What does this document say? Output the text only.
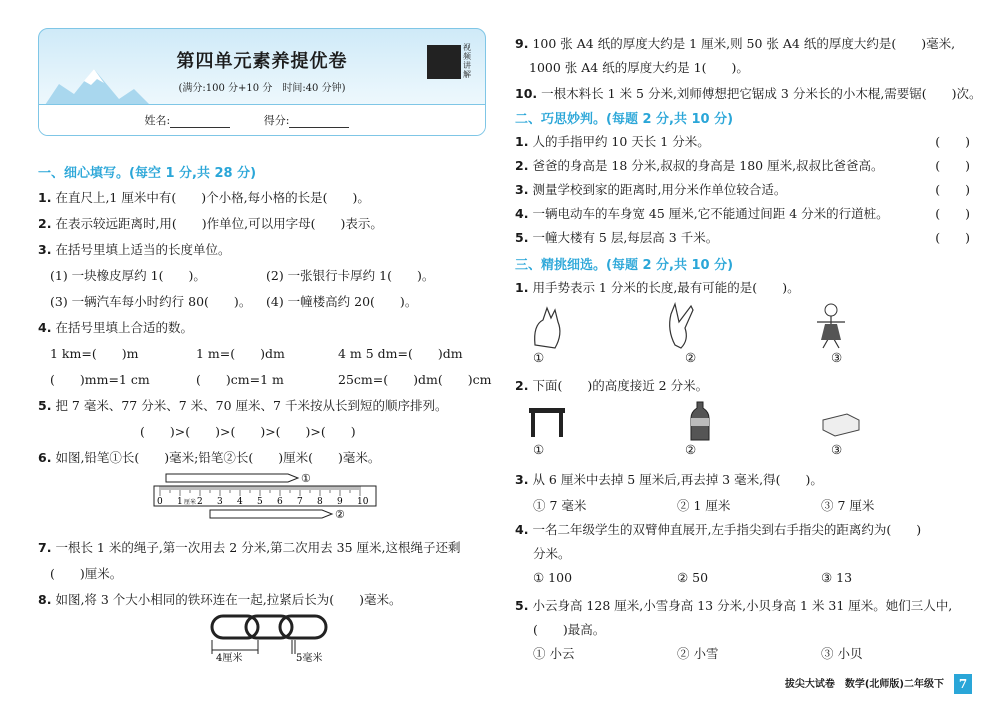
第四单元素养提优卷
(满分:100 分+10 分　时间:40 分钟)
视频讲解
姓名:	得分:
一、细心填写。(每空 1 分,共 28 分)
1. 在直尺上,1 厘米中有(　　)个小格,每小格的长是(　　)。
2. 在表示较远距离时,用(　　)作单位,可以用字母(　　)表示。
3. 在括号里填上适当的长度单位。
(1) 一块橡皮厚约 1(　　)。	(2) 一张银行卡厚约 1(　　)。
(3) 一辆汽车每小时约行 80(　　)。 (4) 一幢楼高约 20(　　)。
4. 在括号里填上合适的数。
1 km=(　　)m	1 m=(　　)dm	4 m 5 dm=(　　)dm
(　　)mm=1 cm	(　　)cm=1 m	25cm=(　　)dm(　　)cm
5. 把 7 毫米、77 分米、7 米、70 厘米、7 千米按从长到短的顺序排列。
(　　)>(　　)>(　　)>(　　)>(　　)
6. 如图,铅笔①长(　　)毫米;铅笔②长(　　)厘米(　　)毫米。
①
0 1 2 3 4 5 6 7 8 9 10
厘米
②
7. 一根长 1 米的绳子,第一次用去 2 分米,第二次用去 35 厘米,这根绳子还剩
(　　)厘米。
8. 如图,将 3 个大小相同的铁环连在一起,拉紧后长为(　　)毫米。
4厘米	5毫米
9. 100 张 A4 纸的厚度大约是 1 厘米,则 50 张 A4 纸的厚度大约是(　　)毫米,
1000 张 A4 纸的厚度大约是 1(　　)。
10. 一根木料长 1 米 5 分米,刘师傅想把它锯成 3 分米长的小木棍,需要锯(　　)次。
二、巧思妙判。(每题 2 分,共 10 分)
1. 人的手指甲约 10 天长 1 分米。	(　　)
2. 爸爸的身高是 18 分米,叔叔的身高是 180 厘米,叔叔比爸爸高。	(　　)
3. 测量学校到家的距离时,用分米作单位较合适。	(　　)
4. 一辆电动车的车身宽 45 厘米,它不能通过间距 4 分米的行道桩。	(　　)
5. 一幢大楼有 5 层,每层高 3 千米。	(　　)
三、精挑细选。(每题 2 分,共 10 分)
1. 用手势表示 1 分米的长度,最有可能的是(　　)。
①	②	③
2. 下面(　　)的高度接近 2 分米。
①	②	③
3. 从 6 厘米中去掉 5 厘米后,再去掉 3 毫米,得(　　)。
① 7 毫米	② 1 厘米	③ 7 厘米
4. 一名二年级学生的双臂伸直展开,左手指尖到右手指尖的距离约为(　　)
分米。
① 100	② 50	③ 13
5. 小云身高 128 厘米,小雪身高 13 分米,小贝身高 1 米 31 厘米。她们三人中,
(　　)最高。
① 小云	② 小雪	③ 小贝
拔尖大试卷　数学(北师版)二年级下	7
